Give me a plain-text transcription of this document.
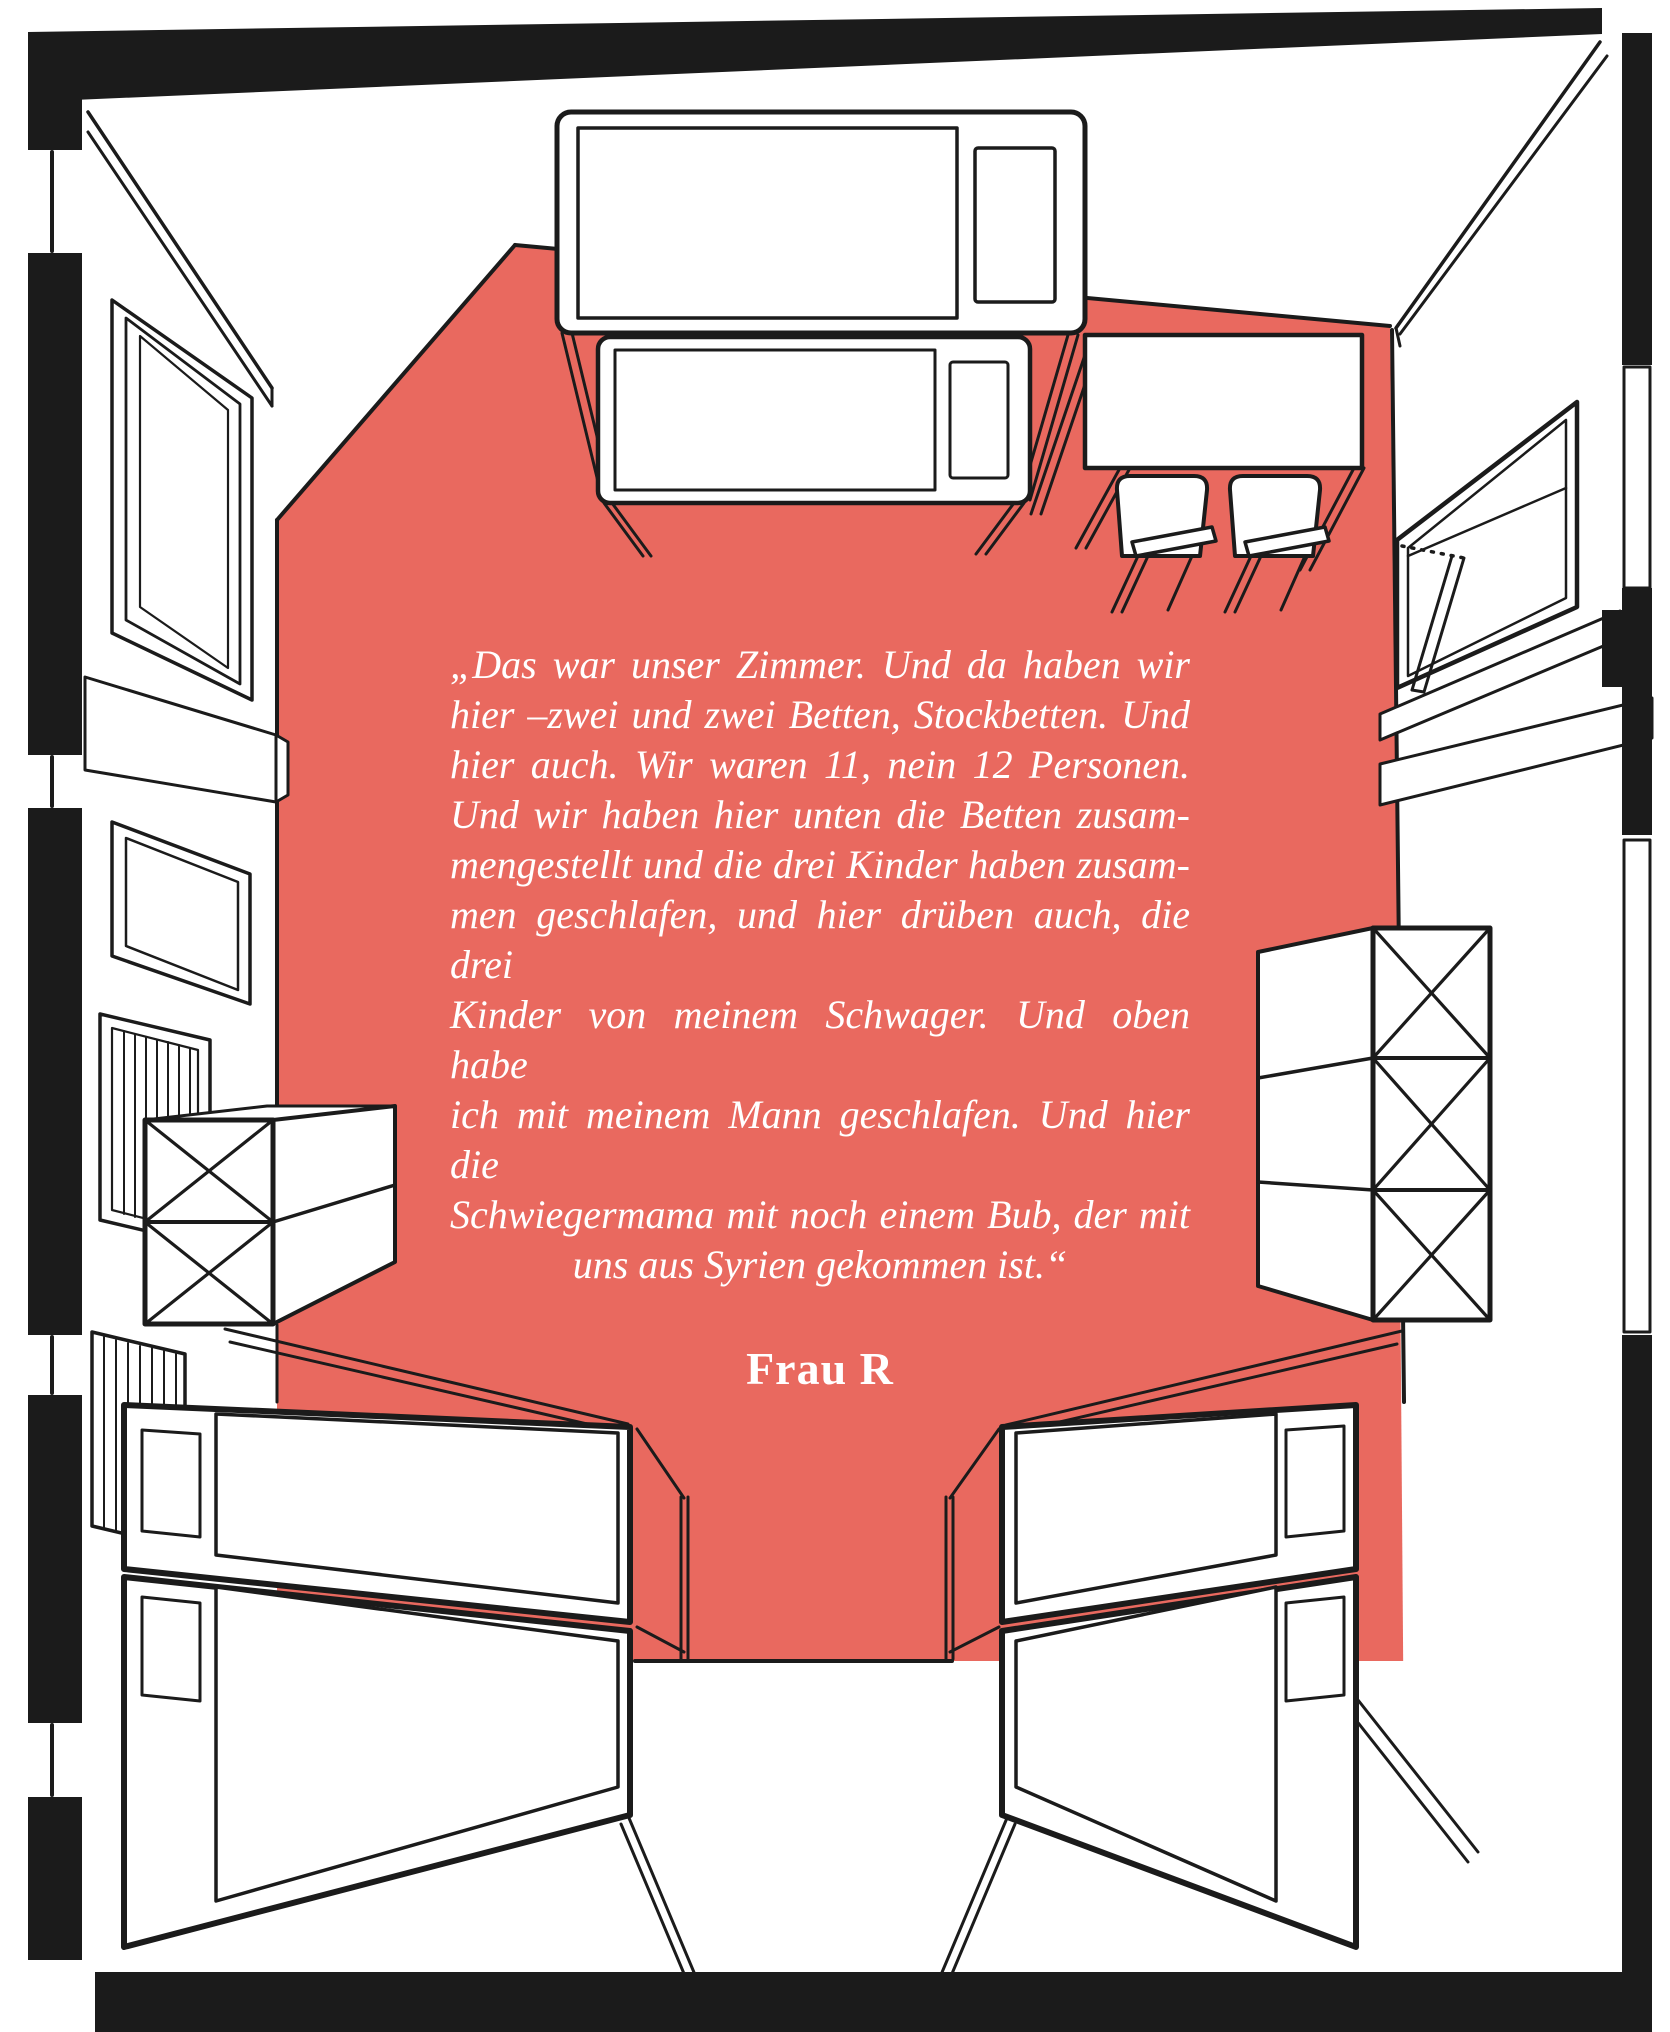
„Das war unser Zimmer. Und da haben wir
hier –zwei und zwei Betten, Stockbetten. Und
hier auch. Wir waren 11, nein 12 Personen.
Und wir haben hier unten die Betten zusam-
mengestellt und die drei Kinder haben zusam-
men geschlafen, und hier drüben auch, die drei
Kinder von meinem Schwager. Und oben habe
ich mit meinem Mann geschlafen. Und hier die
Schwiegermama mit noch einem Bub, der mit
uns aus Syrien gekommen ist.“
Frau R
